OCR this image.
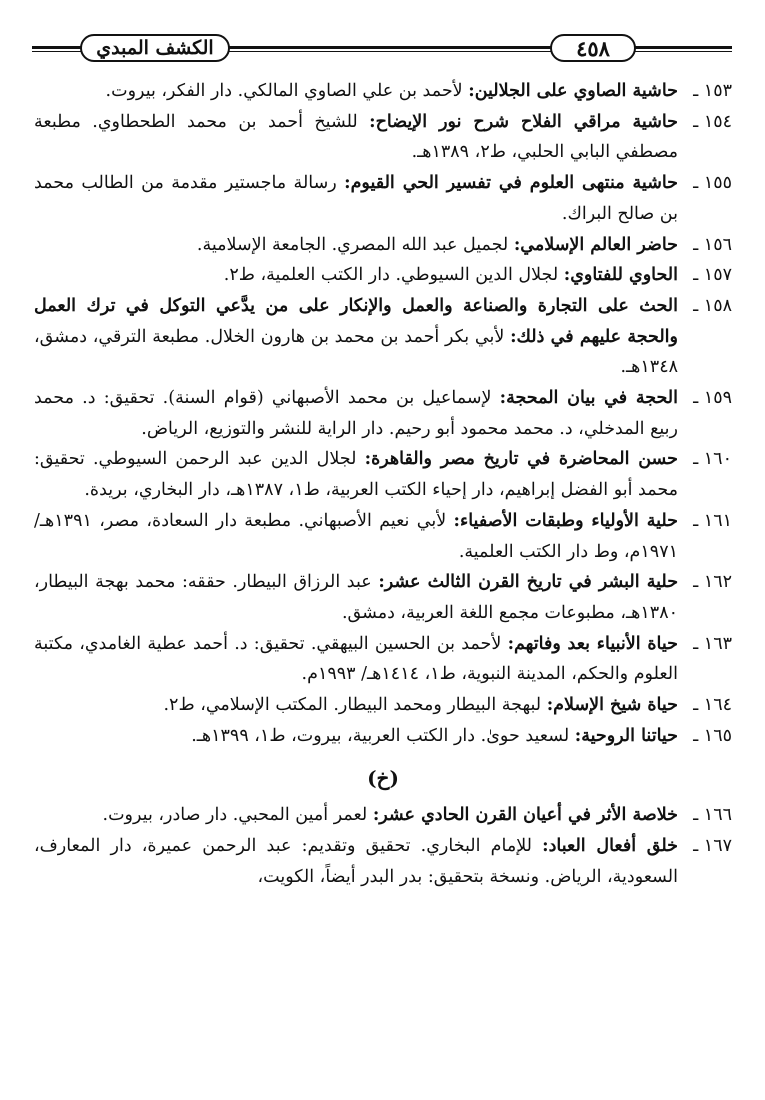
الكشف المبدي	٤٥٨

١٥٣ ـحاشية الصاوي على الجلالين: لأحمد بن علي الصاوي المالكي. دار الفكر، بيروت.

١٥٤ ـحاشية مراقي الفلاح شرح نور الإيضاح: للشيخ أحمد بن محمد الطحطاوي. مطبعة مصطفي البابي الحلبي، ط٢، ١٣٨٩هـ.

١٥٥ ـحاشية منتهى العلوم في تفسير الحي القيوم: رسالة ماجستير مقدمة من الطالب محمد بن صالح البراك.

١٥٦ ـحاضر العالم الإسلامي: لجميل عبد الله المصري. الجامعة الإسلامية.

١٥٧ ـالحاوي للفتاوي: لجلال الدين السيوطي. دار الكتب العلمية، ط٢.

١٥٨ ـالحث على التجارة والصناعة والعمل والإنكار على من يدَّعي التوكل في ترك العمل والحجة عليهم في ذلك: لأبي بكر أحمد بن محمد بن هارون الخلال. مطبعة الترقي، دمشق، ١٣٤٨هـ.

١٥٩ ـالحجة في بيان المحجة: لإسماعيل بن محمد الأصبهاني (قوام السنة). تحقيق: د. محمد ربيع المدخلي، د. محمد محمود أبو رحيم. دار الراية للنشر والتوزيع، الرياض.

١٦٠ ـحسن المحاضرة في تاريخ مصر والقاهرة: لجلال الدين عبد الرحمن السيوطي. تحقيق: محمد أبو الفضل إبراهيم، دار إحياء الكتب العربية، ط١، ١٣٨٧هـ، دار البخاري، بريدة.

١٦١ ـحلية الأولياء وطبقات الأصفياء: لأبي نعيم الأصبهاني. مطبعة دار السعادة، مصر، ١٣٩١هـ/ ١٩٧١م، وط دار الكتب العلمية.

١٦٢ ـحلية البشر في تاريخ القرن الثالث عشر: عبد الرزاق البيطار. حققه: محمد بهجة البيطار، ١٣٨٠هـ، مطبوعات مجمع اللغة العربية، دمشق.

١٦٣ ـحياة الأنبياء بعد وفاتهم: لأحمد بن الحسين البيهقي. تحقيق: د. أحمد عطية الغامدي، مكتبة العلوم والحكم، المدينة النبوية، ط١، ١٤١٤هـ/ ١٩٩٣م.

١٦٤ ـحياة شيخ الإسلام: لبهجة البيطار ومحمد البيطار. المكتب الإسلامي، ط٢.

١٦٥ ـحياتنا الروحية: لسعيد حوىٰ. دار الكتب العربية، بيروت، ط١، ١٣٩٩هـ.

(خ)

١٦٦ ـخلاصة الأثر في أعيان القرن الحادي عشر: لعمر أمين المحبي. دار صادر، بيروت.

١٦٧ ـخلق أفعال العباد: للإمام البخاري. تحقيق وتقديم: عبد الرحمن عميرة، دار المعارف، السعودية، الرياض. ونسخة بتحقيق: بدر البدر أيضاً، الكويت،
